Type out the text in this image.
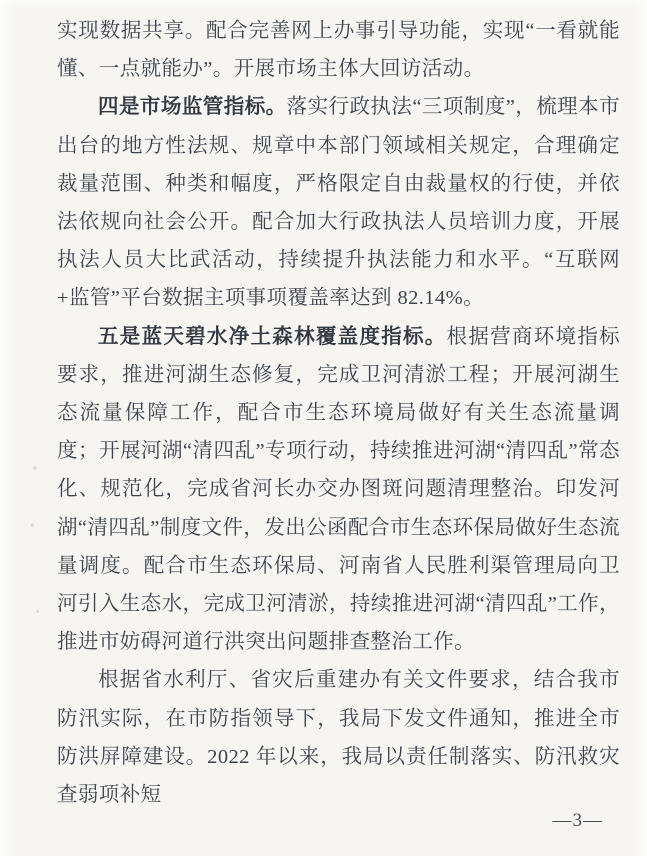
实现数据共享。配合完善网上办事引导功能，实现“一看就能懂、一点就能办”。开展市场主体大回访活动。

四是市场监管指标。落实行政执法“三项制度”，梳理本市出台的地方性法规、规章中本部门领域相关规定，合理确定裁量范围、种类和幅度，严格限定自由裁量权的行使，并依法依规向社会公开。配合加大行政执法人员培训力度，开展执法人员大比武活动，持续提升执法能力和水平。“互联网+监管”平台数据主项事项覆盖率达到 82.14%。

五是蓝天碧水净土森林覆盖度指标。根据营商环境指标要求，推进河湖生态修复，完成卫河清淤工程；开展河湖生态流量保障工作，配合市生态环境局做好有关生态流量调度；开展河湖“清四乱”专项行动，持续推进河湖“清四乱”常态化、规范化，完成省河长办交办图斑问题清理整治。印发河湖“清四乱”制度文件，发出公函配合市生态环保局做好生态流量调度。配合市生态环保局、河南省人民胜利渠管理局向卫河引入生态水，完成卫河清淤，持续推进河湖“清四乱”工作，推进市妨碍河道行洪突出问题排查整治工作。

根据省水利厅、省灾后重建办有关文件要求，结合我市防汛实际，在市防指领导下，我局下发文件通知，推进全市防洪屏障建设。2022 年以来，我局以责任制落实、防汛救灾查弱项补短

—3—
